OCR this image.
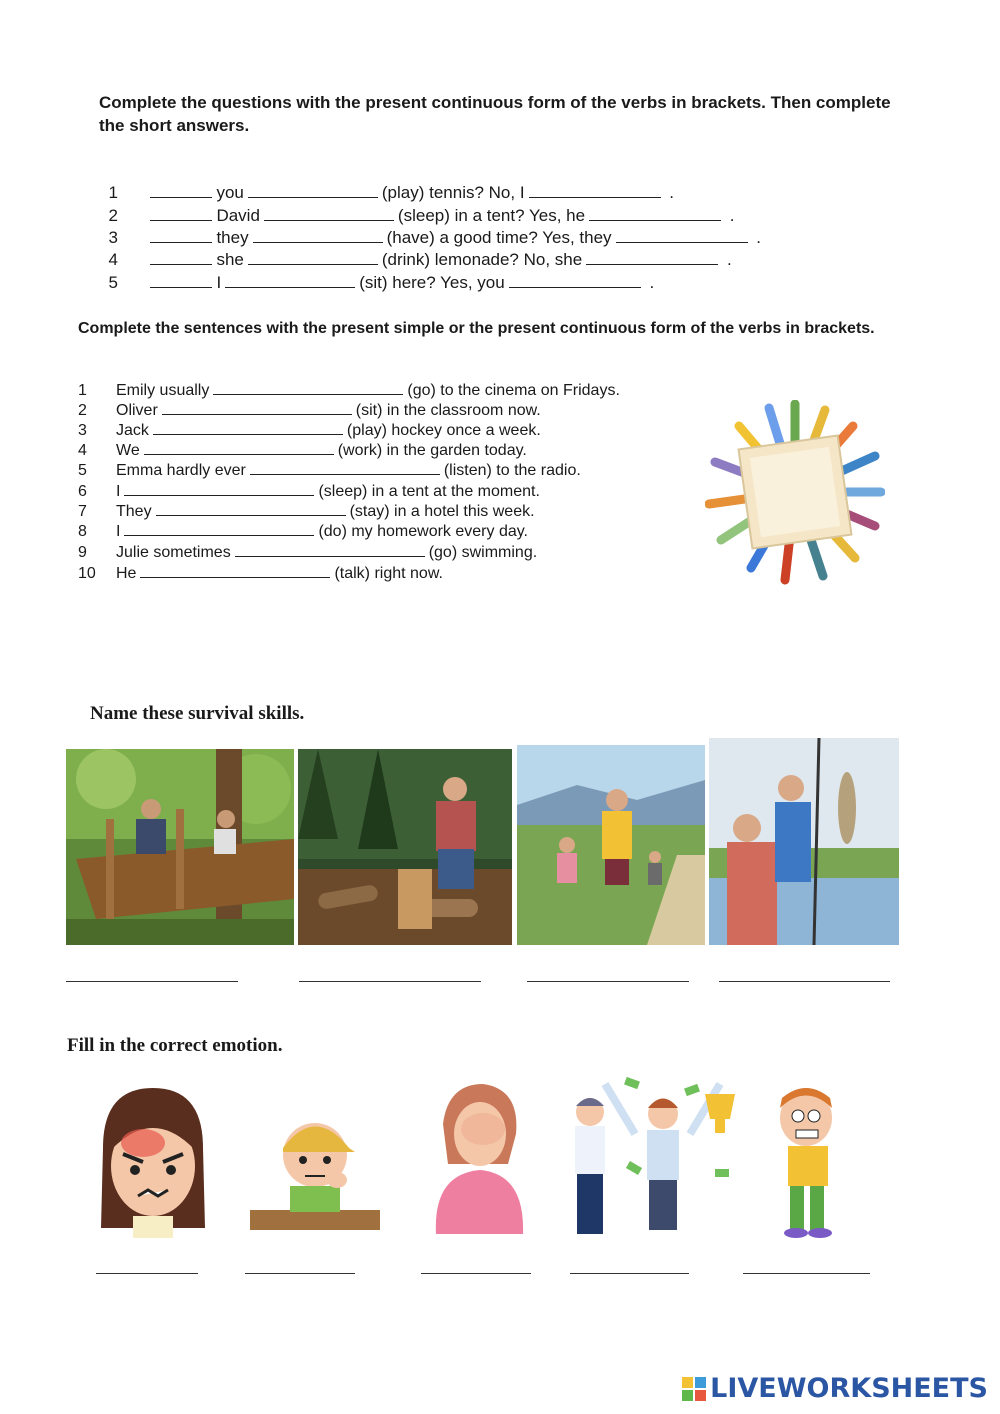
Complete the questions with the present continuous form of the verbs in brackets. Then complete the short answers.

1	you	(play) tennis? No, I	.

2	David	(sleep) in a tent? Yes, he	.

3	they	(have) a good time? Yes, they	.

4	she	(drink) lemonade? No, she	.

5	I	(sit) here? Yes, you	.

Complete the sentences with the present simple or the present continuous form of the verbs in brackets.
1 Emily usually	(go) to the cinema on Fridays.
2 Oliver	(sit) in the classroom now.
3 Jack	(play) hockey once a week.
4 We	(work) in the garden today.
5 Emma hardly ever	(listen) to the radio.
6 I	(sleep) in a tent at the moment.
7 They	(stay) in a hotel this week.
8 I	(do) my homework every day.
9 Julie sometimes	(go) swimming.
10 He	(talk) right now.
Name these survival skills.
Fill in the correct emotion.
LIVEWORKSHEETS
